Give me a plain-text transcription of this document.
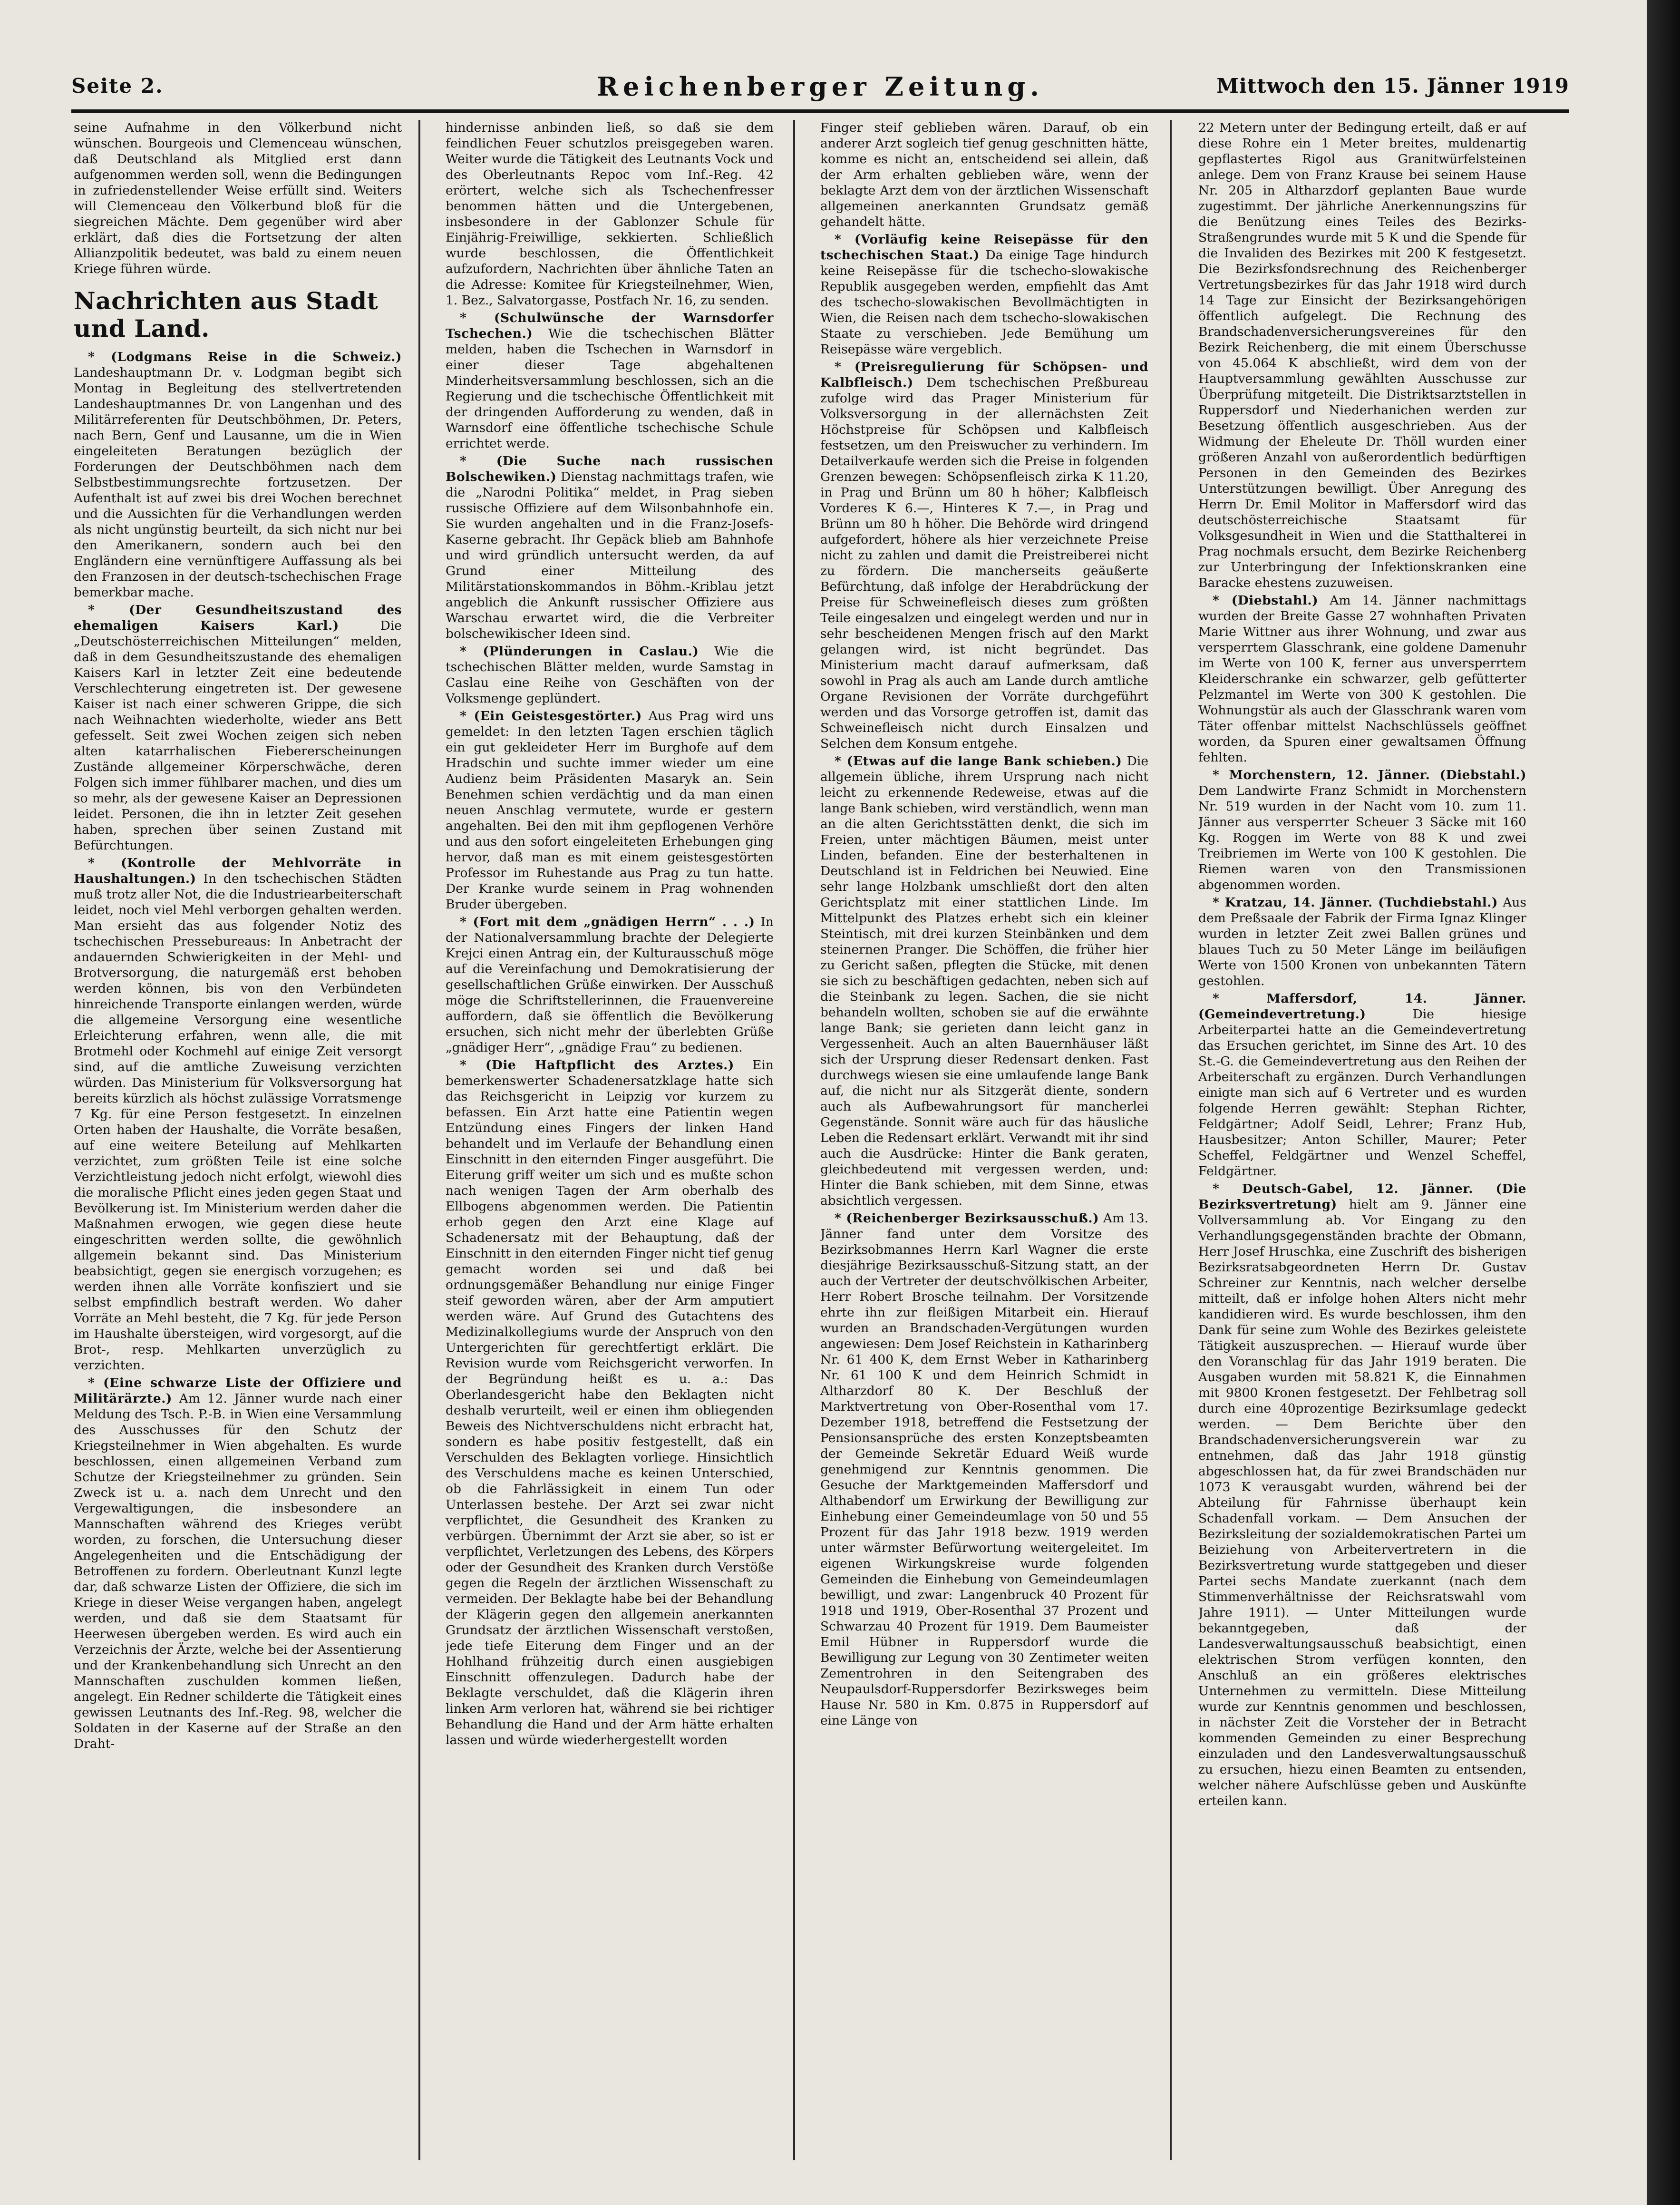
Seite 2.	Reichenberger Zeitung.	Mittwoch den 15. Jänner 1919

seine Aufnahme in den Völkerbund nicht wünschen. Bourgeois und Clemenceau wünschen, daß Deutschland als Mitglied erst dann aufgenommen werden soll, wenn die Bedingungen in zufriedenstellender Weise erfüllt sind. Weiters will Clemenceau den Völkerbund bloß für die siegreichen Mächte. Dem gegenüber wird aber erklärt, daß dies die Fortsetzung der alten Allianzpolitik bedeutet, was bald zu einem neuen Kriege führen würde.

Nachrichten aus Stadt und Land.

* (Lodgmans Reise in die Schweiz.) Landeshauptmann Dr. v. Lodgman begibt sich Montag in Begleitung des stellvertretenden Landeshauptmannes Dr. von Langenhan und des Militärreferenten für Deutschböhmen, Dr. Peters, nach Bern, Genf und Lausanne, um die in Wien eingeleiteten Beratungen bezüglich der Forderungen der Deutschböhmen nach dem Selbstbestimmungsrechte fortzusetzen. Der Aufenthalt ist auf zwei bis drei Wochen berechnet und die Aussichten für die Verhandlungen werden als nicht ungünstig beurteilt, da sich nicht nur bei den Amerikanern, sondern auch bei den Engländern eine vernünftigere Auffassung als bei den Franzosen in der deutsch-tschechischen Frage bemerkbar mache.

* (Der Gesundheitszustand des ehemaligen Kaisers Karl.) Die „Deutschösterreichischen Mitteilungen“ melden, daß in dem Gesundheitszustande des ehemaligen Kaisers Karl in letzter Zeit eine bedeutende Verschlechterung eingetreten ist. Der gewesene Kaiser ist nach einer schweren Grippe, die sich nach Weihnachten wiederholte, wieder ans Bett gefesselt. Seit zwei Wochen zeigen sich neben alten katarrhalischen Fiebererscheinungen Zustände allgemeiner Körperschwäche, deren Folgen sich immer fühlbarer machen, und dies um so mehr, als der gewesene Kaiser an Depressionen leidet. Personen, die ihn in letzter Zeit gesehen haben, sprechen über seinen Zustand mit Befürchtungen.

* (Kontrolle der Mehlvorräte in Haushaltungen.) In den tschechischen Städten muß trotz aller Not, die die Industriearbeiterschaft leidet, noch viel Mehl verborgen gehalten werden. Man ersieht das aus folgender Notiz des tschechischen Pressebureaus: In Anbetracht der andauernden Schwierigkeiten in der Mehl- und Brotversorgung, die naturgemäß erst behoben werden können, bis von den Verbündeten hinreichende Transporte einlangen werden, würde die allgemeine Versorgung eine wesentliche Erleichterung erfahren, wenn alle, die mit Brotmehl oder Kochmehl auf einige Zeit versorgt sind, auf die amtliche Zuweisung verzichten würden. Das Ministerium für Volksversorgung hat bereits kürzlich als höchst zulässige Vorratsmenge 7 Kg. für eine Person festgesetzt. In einzelnen Orten haben der Haushalte, die Vorräte besaßen, auf eine weitere Beteilung auf Mehlkarten verzichtet, zum größten Teile ist eine solche Verzichtleistung jedoch nicht erfolgt, wiewohl dies die moralische Pflicht eines jeden gegen Staat und Bevölkerung ist. Im Ministerium werden daher die Maßnahmen erwogen, wie gegen diese heute eingeschritten werden sollte, die gewöhnlich allgemein bekannt sind. Das Ministerium beabsichtigt, gegen sie energisch vorzugehen; es werden ihnen alle Vorräte konfisziert und sie selbst empfindlich bestraft werden. Wo daher Vorräte an Mehl besteht, die 7 Kg. für jede Person im Haushalte übersteigen, wird vorgesorgt, auf die Brot-, resp. Mehlkarten unverzüglich zu verzichten.

* (Eine schwarze Liste der Offiziere und Militärärzte.) Am 12. Jänner wurde nach einer Meldung des Tsch. P.-B. in Wien eine Versammlung des Ausschusses für den Schutz der Kriegsteilnehmer in Wien abgehalten. Es wurde beschlossen, einen allgemeinen Verband zum Schutze der Kriegsteilnehmer zu gründen. Sein Zweck ist u. a. nach dem Unrecht und den Vergewaltigungen, die insbesondere an Mannschaften während des Krieges verübt worden, zu forschen, die Untersuchung dieser Angelegenheiten und die Entschädigung der Betroffenen zu fordern. Oberleutnant Kunzl legte dar, daß schwarze Listen der Offiziere, die sich im Kriege in dieser Weise vergangen haben, angelegt werden, und daß sie dem Staatsamt für Heerwesen übergeben werden. Es wird auch ein Verzeichnis der Ärzte, welche bei der Assentierung und der Krankenbehandlung sich Unrecht an den Mannschaften zuschulden kommen ließen, angelegt. Ein Redner schilderte die Tätigkeit eines gewissen Leutnants des Inf.-Reg. 98, welcher die Soldaten in der Kaserne auf der Straße an den Draht-

hindernisse anbinden ließ, so daß sie dem feindlichen Feuer schutzlos preisgegeben waren. Weiter wurde die Tätigkeit des Leutnants Vock und des Oberleutnants Repoc vom Inf.-Reg. 42 erörtert, welche sich als Tschechenfresser benommen hätten und die Untergebenen, insbesondere in der Gablonzer Schule für Einjährig-Freiwillige, sekkierten. Schließlich wurde beschlossen, die Öffentlichkeit aufzufordern, Nachrichten über ähnliche Taten an die Adresse: Komitee für Kriegsteilnehmer, Wien, 1. Bez., Salvatorgasse, Postfach Nr. 16, zu senden.

* (Schulwünsche der Warnsdorfer Tschechen.) Wie die tschechischen Blätter melden, haben die Tschechen in Warnsdorf in einer dieser Tage abgehaltenen Minderheitsversammlung beschlossen, sich an die Regierung und die tschechische Öffentlichkeit mit der dringenden Aufforderung zu wenden, daß in Warnsdorf eine öffentliche tschechische Schule errichtet werde.

* (Die Suche nach russischen Bolschewiken.) Dienstag nachmittags trafen, wie die „Narodni Politika“ meldet, in Prag sieben russische Offiziere auf dem Wilsonbahnhofe ein. Sie wurden angehalten und in die Franz-Josefs-Kaserne gebracht. Ihr Gepäck blieb am Bahnhofe und wird gründlich untersucht werden, da auf Grund einer Mitteilung des Militärstationskommandos in Böhm.-Kriblau jetzt angeblich die Ankunft russischer Offiziere aus Warschau erwartet wird, die die Verbreiter bolschewikischer Ideen sind.

* (Plünderungen in Caslau.) Wie die tschechischen Blätter melden, wurde Samstag in Caslau eine Reihe von Geschäften von der Volksmenge geplündert.

* (Ein Geistesgestörter.) Aus Prag wird uns gemeldet: In den letzten Tagen erschien täglich ein gut gekleideter Herr im Burghofe auf dem Hradschin und suchte immer wieder um eine Audienz beim Präsidenten Masaryk an. Sein Benehmen schien verdächtig und da man einen neuen Anschlag vermutete, wurde er gestern angehalten. Bei den mit ihm gepflogenen Verhöre und aus den sofort eingeleiteten Erhebungen ging hervor, daß man es mit einem geistesgestörten Professor im Ruhestande aus Prag zu tun hatte. Der Kranke wurde seinem in Prag wohnenden Bruder übergeben.

* (Fort mit dem „gnädigen Herrn“ . . .) In der Nationalversammlung brachte der Delegierte Krejci einen Antrag ein, der Kulturausschuß möge auf die Vereinfachung und Demokratisierung der gesellschaftlichen Grüße einwirken. Der Ausschuß möge die Schriftstellerinnen, die Frauenvereine auffordern, daß sie öffentlich die Bevölkerung ersuchen, sich nicht mehr der überlebten Grüße „gnädiger Herr“, „gnädige Frau“ zu bedienen.

* (Die Haftpflicht des Arztes.) Ein bemerkenswerter Schadenersatzklage hatte sich das Reichsgericht in Leipzig vor kurzem zu befassen. Ein Arzt hatte eine Patientin wegen Entzündung eines Fingers der linken Hand behandelt und im Verlaufe der Behandlung einen Einschnitt in den eiternden Finger ausgeführt. Die Eiterung griff weiter um sich und es mußte schon nach wenigen Tagen der Arm oberhalb des Ellbogens abgenommen werden. Die Patientin erhob gegen den Arzt eine Klage auf Schadenersatz mit der Behauptung, daß der Einschnitt in den eiternden Finger nicht tief genug gemacht worden sei und daß bei ordnungsgemäßer Behandlung nur einige Finger steif geworden wären, aber der Arm amputiert werden wäre. Auf Grund des Gutachtens des Medizinalkollegiums wurde der Anspruch von den Untergerichten für gerechtfertigt erklärt. Die Revision wurde vom Reichsgericht verworfen. In der Begründung heißt es u. a.: Das Oberlandesgericht habe den Beklagten nicht deshalb verurteilt, weil er einen ihm obliegenden Beweis des Nichtverschuldens nicht erbracht hat, sondern es habe positiv festgestellt, daß ein Verschulden des Beklagten vorliege. Hinsichtlich des Verschuldens mache es keinen Unterschied, ob die Fahrlässigkeit in einem Tun oder Unterlassen bestehe. Der Arzt sei zwar nicht verpflichtet, die Gesundheit des Kranken zu verbürgen. Übernimmt der Arzt sie aber, so ist er verpflichtet, Verletzungen des Lebens, des Körpers oder der Gesundheit des Kranken durch Verstöße gegen die Regeln der ärztlichen Wissenschaft zu vermeiden. Der Beklagte habe bei der Behandlung der Klägerin gegen den allgemein anerkannten Grundsatz der ärztlichen Wissenschaft verstoßen, jede tiefe Eiterung dem Finger und an der Hohlhand frühzeitig durch einen ausgiebigen Einschnitt offenzulegen. Dadurch habe der Beklagte verschuldet, daß die Klägerin ihren linken Arm verloren hat, während sie bei richtiger Behandlung die Hand und der Arm hätte erhalten lassen und würde wiederhergestellt worden

Finger steif geblieben wären. Darauf, ob ein anderer Arzt sogleich tief genug geschnitten hätte, komme es nicht an, entscheidend sei allein, daß der Arm erhalten geblieben wäre, wenn der beklagte Arzt dem von der ärztlichen Wissenschaft allgemeinen anerkannten Grundsatz gemäß gehandelt hätte.

* (Vorläufig keine Reisepässe für den tschechischen Staat.) Da einige Tage hindurch keine Reisepässe für die tschecho-slowakische Republik ausgegeben werden, empfiehlt das Amt des tschecho-slowakischen Bevollmächtigten in Wien, die Reisen nach dem tschecho-slowakischen Staate zu verschieben. Jede Bemühung um Reisepässe wäre vergeblich.

* (Preisregulierung für Schöpsen- und Kalbfleisch.) Dem tschechischen Preßbureau zufolge wird das Prager Ministerium für Volksversorgung in der allernächsten Zeit Höchstpreise für Schöpsen und Kalbfleisch festsetzen, um den Preiswucher zu verhindern. Im Detailverkaufe werden sich die Preise in folgenden Grenzen bewegen: Schöpsenfleisch zirka K 11.20, in Prag und Brünn um 80 h höher; Kalbfleisch Vorderes K 6.—, Hinteres K 7.—, in Prag und Brünn um 80 h höher. Die Behörde wird dringend aufgefordert, höhere als hier verzeichnete Preise nicht zu zahlen und damit die Preistreiberei nicht zu fördern. Die mancherseits geäußerte Befürchtung, daß infolge der Herabdrückung der Preise für Schweinefleisch dieses zum größten Teile eingesalzen und eingelegt werden und nur in sehr bescheidenen Mengen frisch auf den Markt gelangen wird, ist nicht begründet. Das Ministerium macht darauf aufmerksam, daß sowohl in Prag als auch am Lande durch amtliche Organe Revisionen der Vorräte durchgeführt werden und das Vorsorge getroffen ist, damit das Schweinefleisch nicht durch Einsalzen und Selchen dem Konsum entgehe.

* (Etwas auf die lange Bank schieben.) Die allgemein übliche, ihrem Ursprung nach nicht leicht zu erkennende Redeweise, etwas auf die lange Bank schieben, wird verständlich, wenn man an die alten Gerichtsstätten denkt, die sich im Freien, unter mächtigen Bäumen, meist unter Linden, befanden. Eine der besterhaltenen in Deutschland ist in Feldrichen bei Neuwied. Eine sehr lange Holzbank umschließt dort den alten Gerichtsplatz mit einer stattlichen Linde. Im Mittelpunkt des Platzes erhebt sich ein kleiner Steintisch, mit drei kurzen Steinbänken und dem steinernen Pranger. Die Schöffen, die früher hier zu Gericht saßen, pflegten die Stücke, mit denen sie sich zu beschäftigen gedachten, neben sich auf die Steinbank zu legen. Sachen, die sie nicht behandeln wollten, schoben sie auf die erwähnte lange Bank; sie gerieten dann leicht ganz in Vergessenheit. Auch an alten Bauernhäuser läßt sich der Ursprung dieser Redensart denken. Fast durchwegs wiesen sie eine umlaufende lange Bank auf, die nicht nur als Sitzgerät diente, sondern auch als Aufbewahrungsort für mancherlei Gegenstände. Sonnit wäre auch für das häusliche Leben die Redensart erklärt. Verwandt mit ihr sind auch die Ausdrücke: Hinter die Bank geraten, gleichbedeutend mit vergessen werden, und: Hinter die Bank schieben, mit dem Sinne, etwas absichtlich vergessen.

* (Reichenberger Bezirksausschuß.) Am 13. Jänner fand unter dem Vorsitze des Bezirksobmannes Herrn Karl Wagner die erste diesjährige Bezirksausschuß-Sitzung statt, an der auch der Vertreter der deutschvölkischen Arbeiter, Herr Robert Brosche teilnahm. Der Vorsitzende ehrte ihn zur fleißigen Mitarbeit ein. Hierauf wurden an Brandschaden-Vergütungen wurden angewiesen: Dem Josef Reichstein in Katharinberg Nr. 61 400 K, dem Ernst Weber in Katharinberg Nr. 61 100 K und dem Heinrich Schmidt in Altharzdorf 80 K. Der Beschluß der Marktvertretung von Ober-Rosenthal vom 17. Dezember 1918, betreffend die Festsetzung der Pensionsansprüche des ersten Konzeptsbeamten der Gemeinde Sekretär Eduard Weiß wurde genehmigend zur Kenntnis genommen. Die Gesuche der Marktgemeinden Maffersdorf und Althabendorf um Erwirkung der Bewilligung zur Einhebung einer Gemeindeumlage von 50 und 55 Prozent für das Jahr 1918 bezw. 1919 werden unter wärmster Befürwortung weitergeleitet. Im eigenen Wirkungskreise wurde folgenden Gemeinden die Einhebung von Gemeindeumlagen bewilligt, und zwar: Langenbruck 40 Prozent für 1918 und 1919, Ober-Rosenthal 37 Prozent und Schwarzau 40 Prozent für 1919. Dem Baumeister Emil Hübner in Ruppersdorf wurde die Bewilligung zur Legung von 30 Zentimeter weiten Zementrohren in den Seitengraben des Neupaulsdorf-Ruppersdorfer Bezirksweges beim Hause Nr. 580 in Km. 0.875 in Ruppersdorf auf eine Länge von

22 Metern unter der Bedingung erteilt, daß er auf diese Rohre ein 1 Meter breites, muldenartig gepflastertes Rigol aus Granitwürfelsteinen anlege. Dem von Franz Krause bei seinem Hause Nr. 205 in Altharzdorf geplanten Baue wurde zugestimmt. Der jährliche Anerkennungszins für die Benützung eines Teiles des Bezirks-Straßengrundes wurde mit 5 K und die Spende für die Invaliden des Bezirkes mit 200 K festgesetzt. Die Bezirksfondsrechnung des Reichenberger Vertretungsbezirkes für das Jahr 1918 wird durch 14 Tage zur Einsicht der Bezirksangehörigen öffentlich aufgelegt. Die Rechnung des Brandschadenversicherungsvereines für den Bezirk Reichenberg, die mit einem Überschusse von 45.064 K abschließt, wird dem von der Hauptversammlung gewählten Ausschusse zur Überprüfung mitgeteilt. Die Distriktsarztstellen in Ruppersdorf und Niederhanichen werden zur Besetzung öffentlich ausgeschrieben. Aus der Widmung der Eheleute Dr. Thöll wurden einer größeren Anzahl von außerordentlich bedürftigen Personen in den Gemeinden des Bezirkes Unterstützungen bewilligt. Über Anregung des Herrn Dr. Emil Molitor in Maffersdorf wird das deutschösterreichische Staatsamt für Volksgesundheit in Wien und die Statthalterei in Prag nochmals ersucht, dem Bezirke Reichenberg zur Unterbringung der Infektionskranken eine Baracke ehestens zuzuweisen.

* (Diebstahl.) Am 14. Jänner nachmittags wurden der Breite Gasse 27 wohnhaften Privaten Marie Wittner aus ihrer Wohnung, und zwar aus versperrtem Glasschrank, eine goldene Damenuhr im Werte von 100 K, ferner aus unversperrtem Kleiderschranke ein schwarzer, gelb gefütterter Pelzmantel im Werte von 300 K gestohlen. Die Wohnungstür als auch der Glasschrank waren vom Täter offenbar mittelst Nachschlüssels geöffnet worden, da Spuren einer gewaltsamen Öffnung fehlten.

* Morchenstern, 12. Jänner. (Diebstahl.) Dem Landwirte Franz Schmidt in Morchenstern Nr. 519 wurden in der Nacht vom 10. zum 11. Jänner aus versperrter Scheuer 3 Säcke mit 160 Kg. Roggen im Werte von 88 K und zwei Treibriemen im Werte von 100 K gestohlen. Die Riemen waren von den Transmissionen abgenommen worden.

* Kratzau, 14. Jänner. (Tuchdiebstahl.) Aus dem Preßsaale der Fabrik der Firma Ignaz Klinger wurden in letzter Zeit zwei Ballen grünes und blaues Tuch zu 50 Meter Länge im beiläufigen Werte von 1500 Kronen von unbekannten Tätern gestohlen.

* Maffersdorf, 14. Jänner. (Gemeindevertretung.) Die hiesige Arbeiterpartei hatte an die Gemeindevertretung das Ersuchen gerichtet, im Sinne des Art. 10 des St.-G. die Gemeindevertretung aus den Reihen der Arbeiterschaft zu ergänzen. Durch Verhandlungen einigte man sich auf 6 Vertreter und es wurden folgende Herren gewählt: Stephan Richter, Feldgärtner; Adolf Seidl, Lehrer; Franz Hub, Hausbesitzer; Anton Schiller, Maurer; Peter Scheffel, Feldgärtner und Wenzel Scheffel, Feldgärtner.

* Deutsch-Gabel, 12. Jänner. (Die Bezirksvertretung) hielt am 9. Jänner eine Vollversammlung ab. Vor Eingang zu den Verhandlungsgegenständen brachte der Obmann, Herr Josef Hruschka, eine Zuschrift des bisherigen Bezirksratsabgeordneten Herrn Dr. Gustav Schreiner zur Kenntnis, nach welcher derselbe mitteilt, daß er infolge hohen Alters nicht mehr kandidieren wird. Es wurde beschlossen, ihm den Dank für seine zum Wohle des Bezirkes geleistete Tätigkeit auszusprechen. — Hierauf wurde über den Voranschlag für das Jahr 1919 beraten. Die Ausgaben wurden mit 58.821 K, die Einnahmen mit 9800 Kronen festgesetzt. Der Fehlbetrag soll durch eine 40prozentige Bezirksumlage gedeckt werden. — Dem Berichte über den Brandschadenversicherungsverein war zu entnehmen, daß das Jahr 1918 günstig abgeschlossen hat, da für zwei Brandschäden nur 1073 K verausgabt wurden, während bei der Abteilung für Fahrnisse überhaupt kein Schadenfall vorkam. — Dem Ansuchen der Bezirksleitung der sozialdemokratischen Partei um Beiziehung von Arbeitervertretern in die Bezirksvertretung wurde stattgegeben und dieser Partei sechs Mandate zuerkannt (nach dem Stimmenverhältnisse der Reichsratswahl vom Jahre 1911). — Unter Mitteilungen wurde bekanntgegeben, daß der Landesverwaltungsausschuß beabsichtigt, einen elektrischen Strom verfügen konnten, den Anschluß an ein größeres elektrisches Unternehmen zu vermitteln. Diese Mitteilung wurde zur Kenntnis genommen und beschlossen, in nächster Zeit die Vorsteher der in Betracht kommenden Gemeinden zu einer Besprechung einzuladen und den Landesverwaltungsausschuß zu ersuchen, hiezu einen Beamten zu entsenden, welcher nähere Aufschlüsse geben und Auskünfte erteilen kann.
